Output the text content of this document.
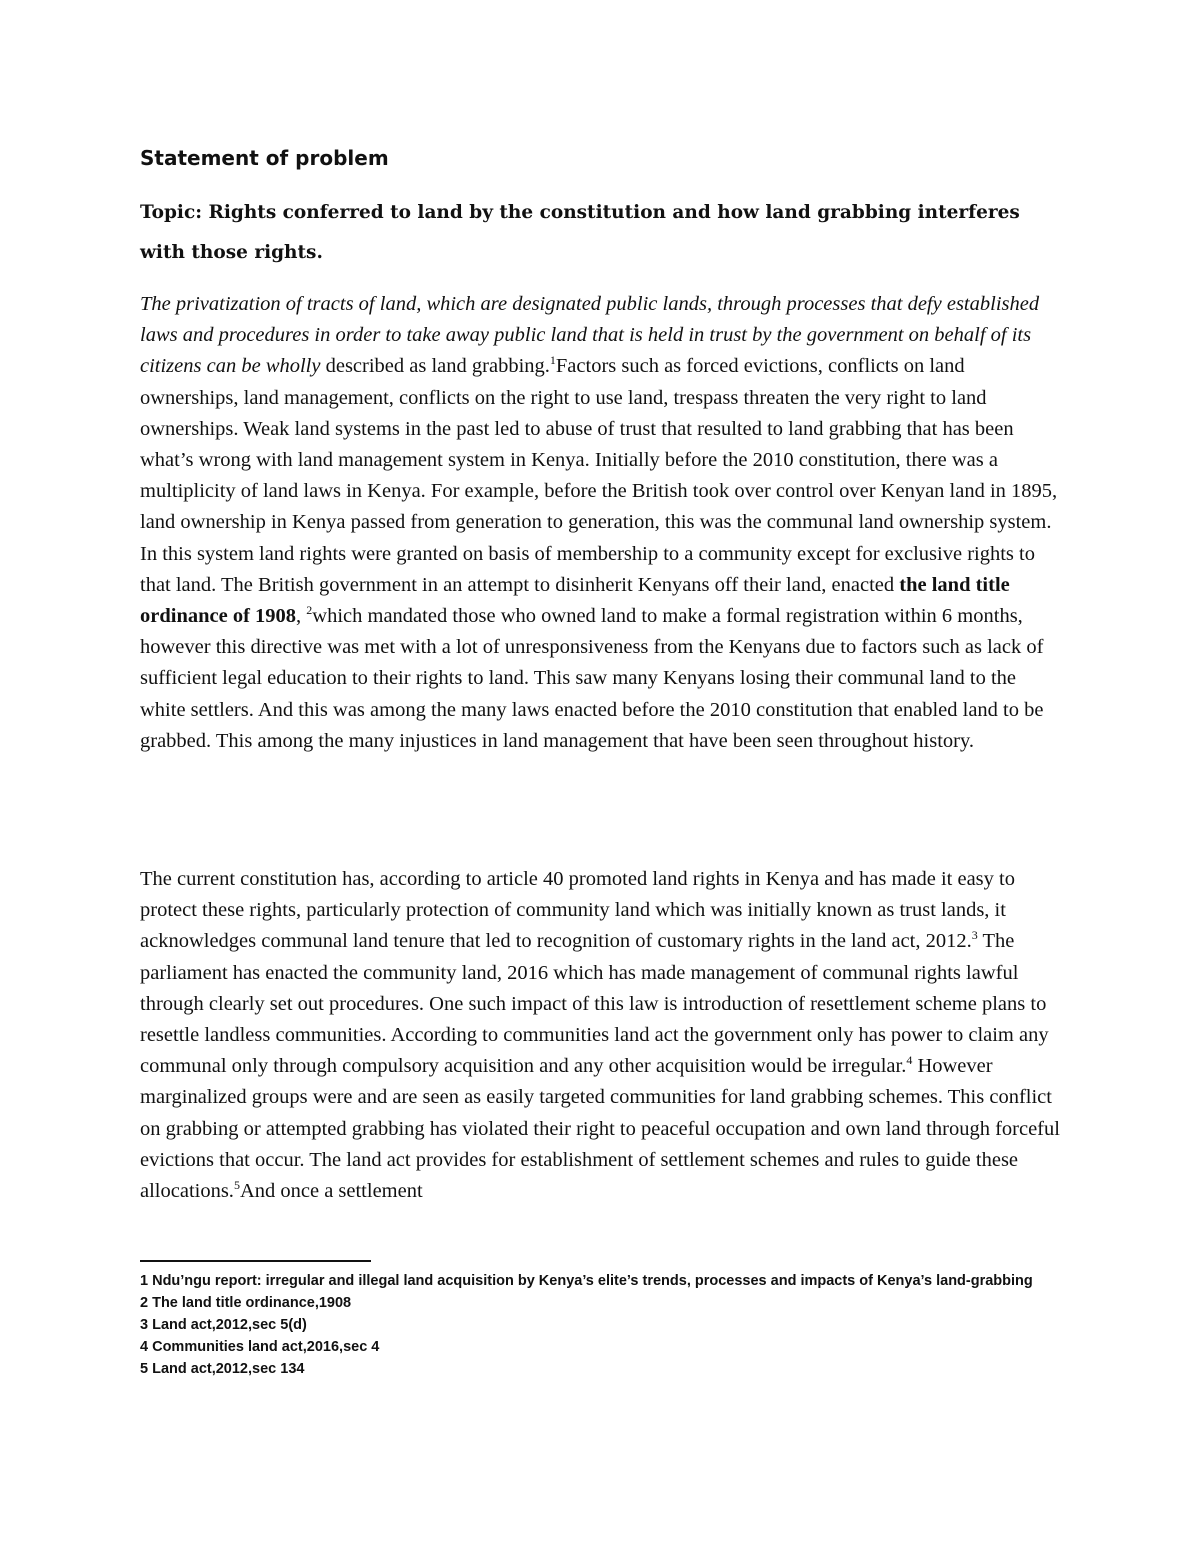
Statement of problem

Topic: Rights conferred to land by the constitution and how land grabbing interferes with those rights.

The privatization of tracts of land, which are designated public lands, through processes that defy established laws and procedures in order to take away public land that is held in trust by the government on behalf of its citizens can be wholly described as land grabbing.$^1$Factors such as forced evictions, conflicts on land ownerships, land management, conflicts on the right to use land, trespass threaten the very right to land ownerships. Weak land systems in the past led to abuse of trust that resulted to land grabbing that has been what’s wrong with land management system in Kenya. Initially before the 2010 constitution, there was a multiplicity of land laws in Kenya. For example, before the British took over control over Kenyan land in 1895, land ownership in Kenya passed from generation to generation, this was the communal land ownership system. In this system land rights were granted on basis of membership to a community except for exclusive rights to that land. The British government in an attempt to disinherit Kenyans off their land, enacted the land title ordinance of 1908, $^2$which mandated those who owned land to make a formal registration within 6 months, however this directive was met with a lot of unresponsiveness from the Kenyans due to factors such as lack of sufficient legal education to their rights to land. This saw many Kenyans losing their communal land to the white settlers. And this was among the many laws enacted before the 2010 constitution that enabled land to be grabbed. This among the many injustices in land management that have been seen throughout history.

The current constitution has, according to article 40 promoted land rights in Kenya and has made it easy to protect these rights, particularly protection of community land which was initially known as trust lands, it acknowledges communal land tenure that led to recognition of customary rights in the land act, 2012.$^3$ The parliament has enacted the community land, 2016 which has made management of communal rights lawful through clearly set out procedures. One such impact of this law is introduction of resettlement scheme plans to resettle landless communities. According to communities land act the government only has power to claim any communal only through compulsory acquisition and any other acquisition would be irregular.$^4$ However marginalized groups were and are seen as easily targeted communities for land grabbing schemes. This conflict on grabbing or attempted grabbing has violated their right to peaceful occupation and own land through forceful evictions that occur. The land act provides for establishment of settlement schemes and rules to guide these allocations.$^5$And once a settlement

1 Ndu’ngu report: irregular and illegal land acquisition by Kenya’s elite’s trends, processes and impacts of Kenya’s land-grabbing
2 The land title ordinance,1908
3 Land act,2012,sec 5(d)
4 Communities land act,2016,sec 4
5 Land act,2012,sec 134
